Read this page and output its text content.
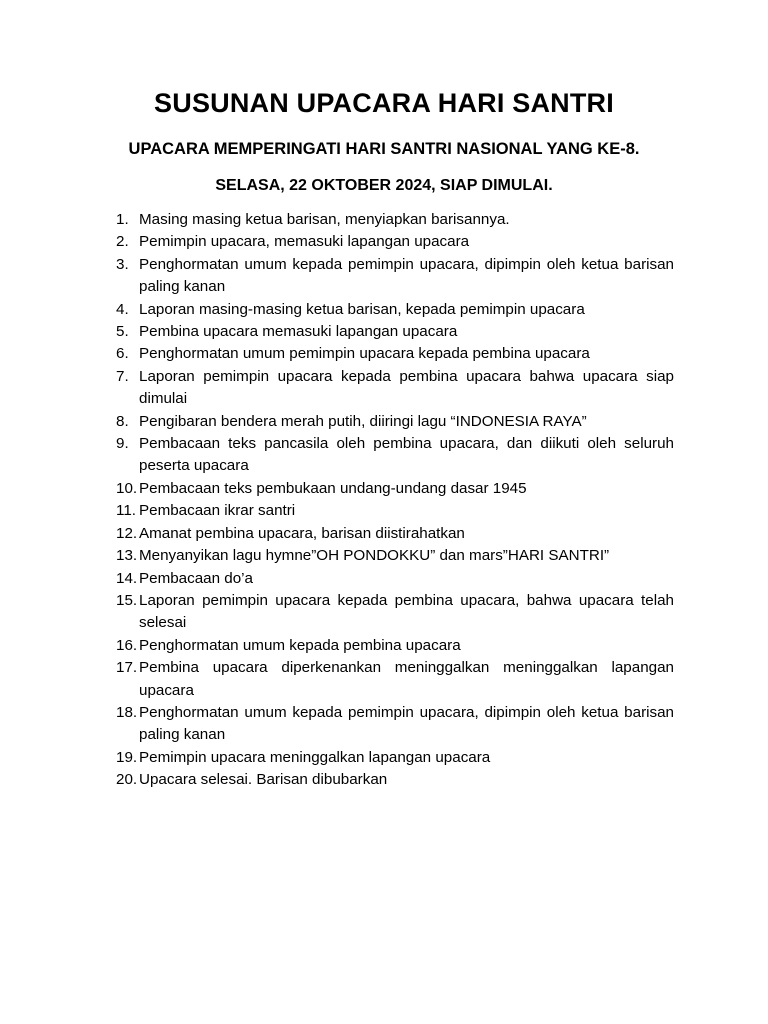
SUSUNAN UPACARA HARI SANTRI
UPACARA MEMPERINGATI HARI SANTRI NASIONAL YANG KE-8.
SELASA, 22 OKTOBER 2024, SIAP DIMULAI.
1. Masing masing ketua barisan, menyiapkan barisannya.
2. Pemimpin upacara, memasuki lapangan upacara
3. Penghormatan umum kepada pemimpin upacara, dipimpin oleh ketua barisan paling kanan
4. Laporan masing-masing ketua barisan, kepada pemimpin upacara
5. Pembina upacara memasuki lapangan upacara
6. Penghormatan umum pemimpin upacara kepada pembina upacara
7. Laporan pemimpin upacara kepada pembina upacara bahwa upacara siap dimulai
8. Pengibaran bendera merah putih, diiringi lagu “INDONESIA RAYA”
9. Pembacaan teks pancasila oleh pembina upacara, dan diikuti oleh seluruh peserta upacara
10. Pembacaan teks pembukaan undang-undang dasar 1945
11. Pembacaan ikrar santri
12. Amanat pembina upacara, barisan diistirahatkan
13. Menyanyikan lagu hymne”OH PONDOKKU” dan mars”HARI SANTRI”
14. Pembacaan do’a
15. Laporan pemimpin upacara kepada pembina upacara, bahwa upacara telah selesai
16. Penghormatan umum kepada pembina upacara
17. Pembina upacara diperkenankan meninggalkan meninggalkan lapangan upacara
18. Penghormatan umum kepada pemimpin upacara, dipimpin oleh ketua barisan paling kanan
19. Pemimpin upacara meninggalkan lapangan upacara
20. Upacara selesai. Barisan dibubarkan
